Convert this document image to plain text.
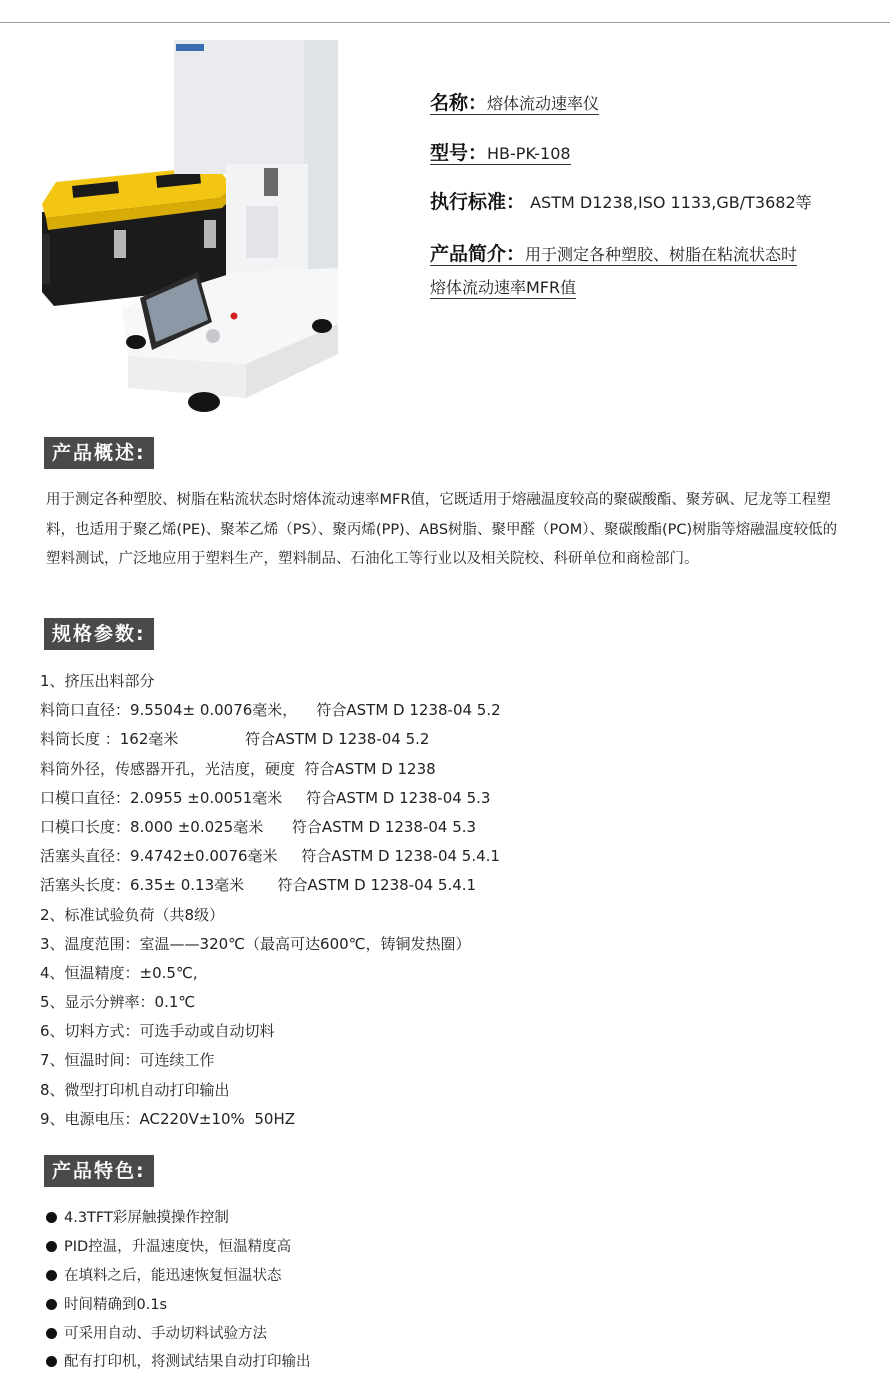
名称：熔体流动速率仪

型号：HB-PK-108

执行标准： ASTM D1238,ISO 1133,GB/T3682等

产品简介：用于测定各种塑胶、树脂在粘流状态时
熔体流动速率MFR值

产品概述:

用于测定各种塑胶、树脂在粘流状态时熔体流动速率MFR值，它既适用于熔融温度较高的聚碳酸酯、聚芳砜、尼龙等工程塑料，也适用于聚乙烯(PE)、聚苯乙烯（PS）、聚丙烯(PP)、ABS树脂、聚甲醛（POM）、聚碳酸酯(PC)树脂等熔融温度较低的塑料测试，广泛地应用于塑料生产，塑料制品、石油化工等行业以及相关院校、科研单位和商检部门。

规格参数:
1、挤压出料部分
料筒口直径：9.5504± 0.0076毫米，    符合ASTM D 1238-04 5.2
料筒长度 ：162毫米              符合ASTM D 1238-04 5.2
料筒外径，传感器开孔，光洁度，硬度  符合ASTM D 1238
口模口直径：2.0955 ±0.0051毫米     符合ASTM D 1238-04 5.3
口模口长度：8.000 ±0.025毫米      符合ASTM D 1238-04 5.3
活塞头直径：9.4742±0.0076毫米     符合ASTM D 1238-04 5.4.1
活塞头长度：6.35± 0.13毫米       符合ASTM D 1238-04 5.4.1
2、标准试验负荷（共8级）
3、温度范围：室温——320℃（最高可达600℃，铸铜发热圈）
4、恒温精度：±0.5℃,
5、显示分辨率：0.1℃
6、切料方式：可选手动或自动切料
7、恒温时间：可连续工作
8、微型打印机自动打印输出
9、电源电压：AC220V±10%  50HZ
产品特色:
4.3TFT彩屏触摸操作控制
PID控温，升温速度快，恒温精度高
在填料之后，能迅速恢复恒温状态
时间精确到0.1s
可采用自动、手动切料试验方法
配有打印机，将测试结果自动打印输出
